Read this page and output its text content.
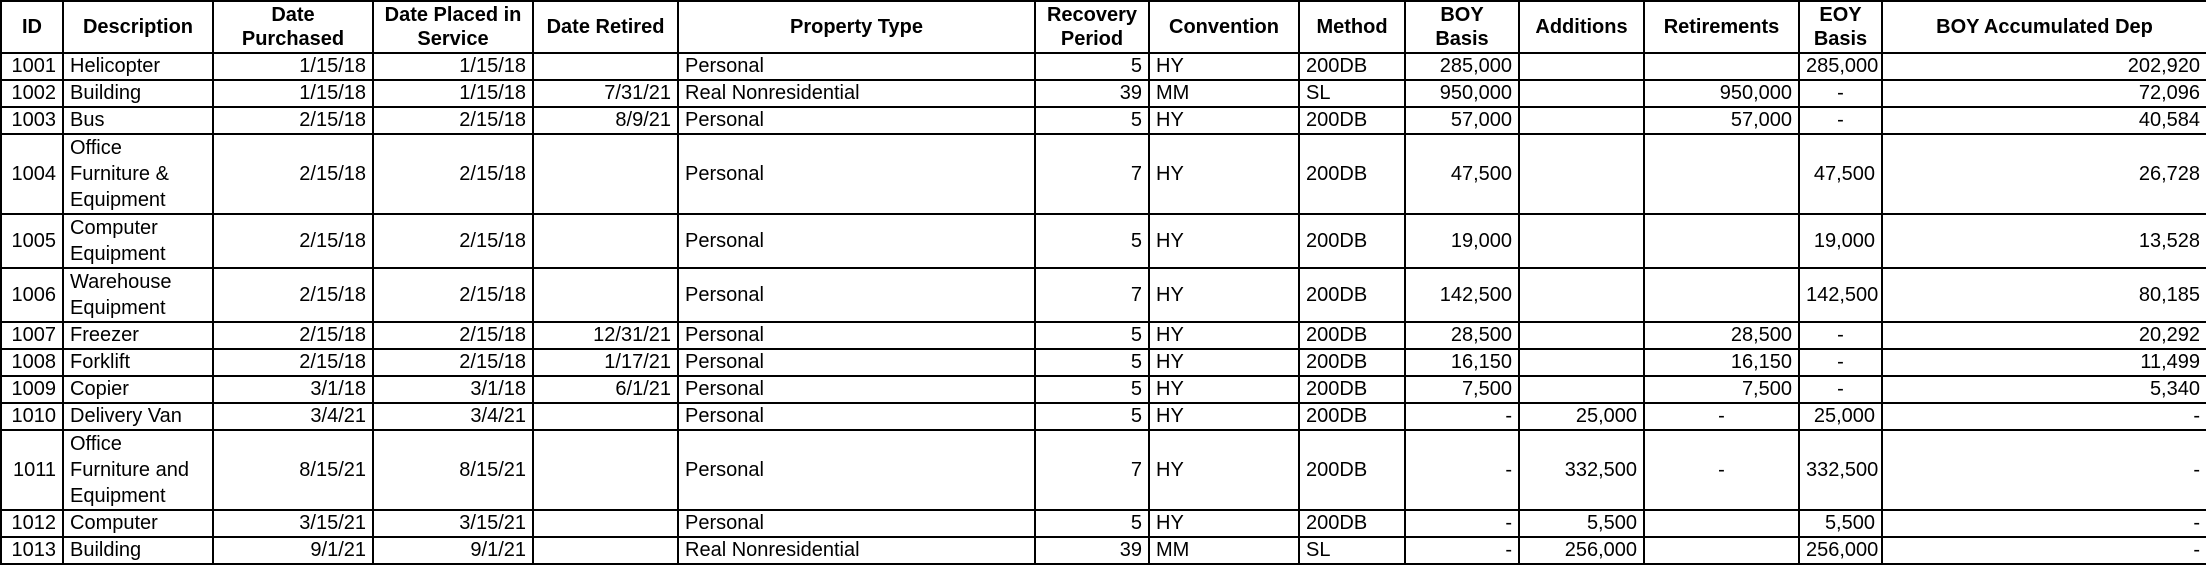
ID	Description	Date Purchased	Date Placed in Service	Date Retired	Property Type	Recovery Period	Convention	Method	BOY Basis	Additions	Retirements	EOY Basis	BOY Accumulated Dep
1001	Helicopter	1/15/18	1/15/18		Personal	5	HY	200DB	285,000			285,000	202,920
1002	Building	1/15/18	1/15/18	7/31/21	Real Nonresidential	39	MM	SL	950,000		950,000	-	72,096
1003	Bus	2/15/18	2/15/18	8/9/21	Personal	5	HY	200DB	57,000		57,000	-	40,584
1004	Office Furniture & Equipment	2/15/18	2/15/18		Personal	7	HY	200DB	47,500			47,500	26,728
1005	Computer Equipment	2/15/18	2/15/18		Personal	5	HY	200DB	19,000			19,000	13,528
1006	Warehouse Equipment	2/15/18	2/15/18		Personal	7	HY	200DB	142,500			142,500	80,185
1007	Freezer	2/15/18	2/15/18	12/31/21	Personal	5	HY	200DB	28,500		28,500	-	20,292
1008	Forklift	2/15/18	2/15/18	1/17/21	Personal	5	HY	200DB	16,150		16,150	-	11,499
1009	Copier	3/1/18	3/1/18	6/1/21	Personal	5	HY	200DB	7,500		7,500	-	5,340
1010	Delivery Van	3/4/21	3/4/21		Personal	5	HY	200DB	-	25,000	-	25,000	-
1011	Office Furniture and Equipment	8/15/21	8/15/21		Personal	7	HY	200DB	-	332,500	-	332,500	-
1012	Computer	3/15/21	3/15/21		Personal	5	HY	200DB	-	5,500		5,500	-
1013	Building	9/1/21	9/1/21		Real Nonresidential	39	MM	SL	-	256,000		256,000	-
